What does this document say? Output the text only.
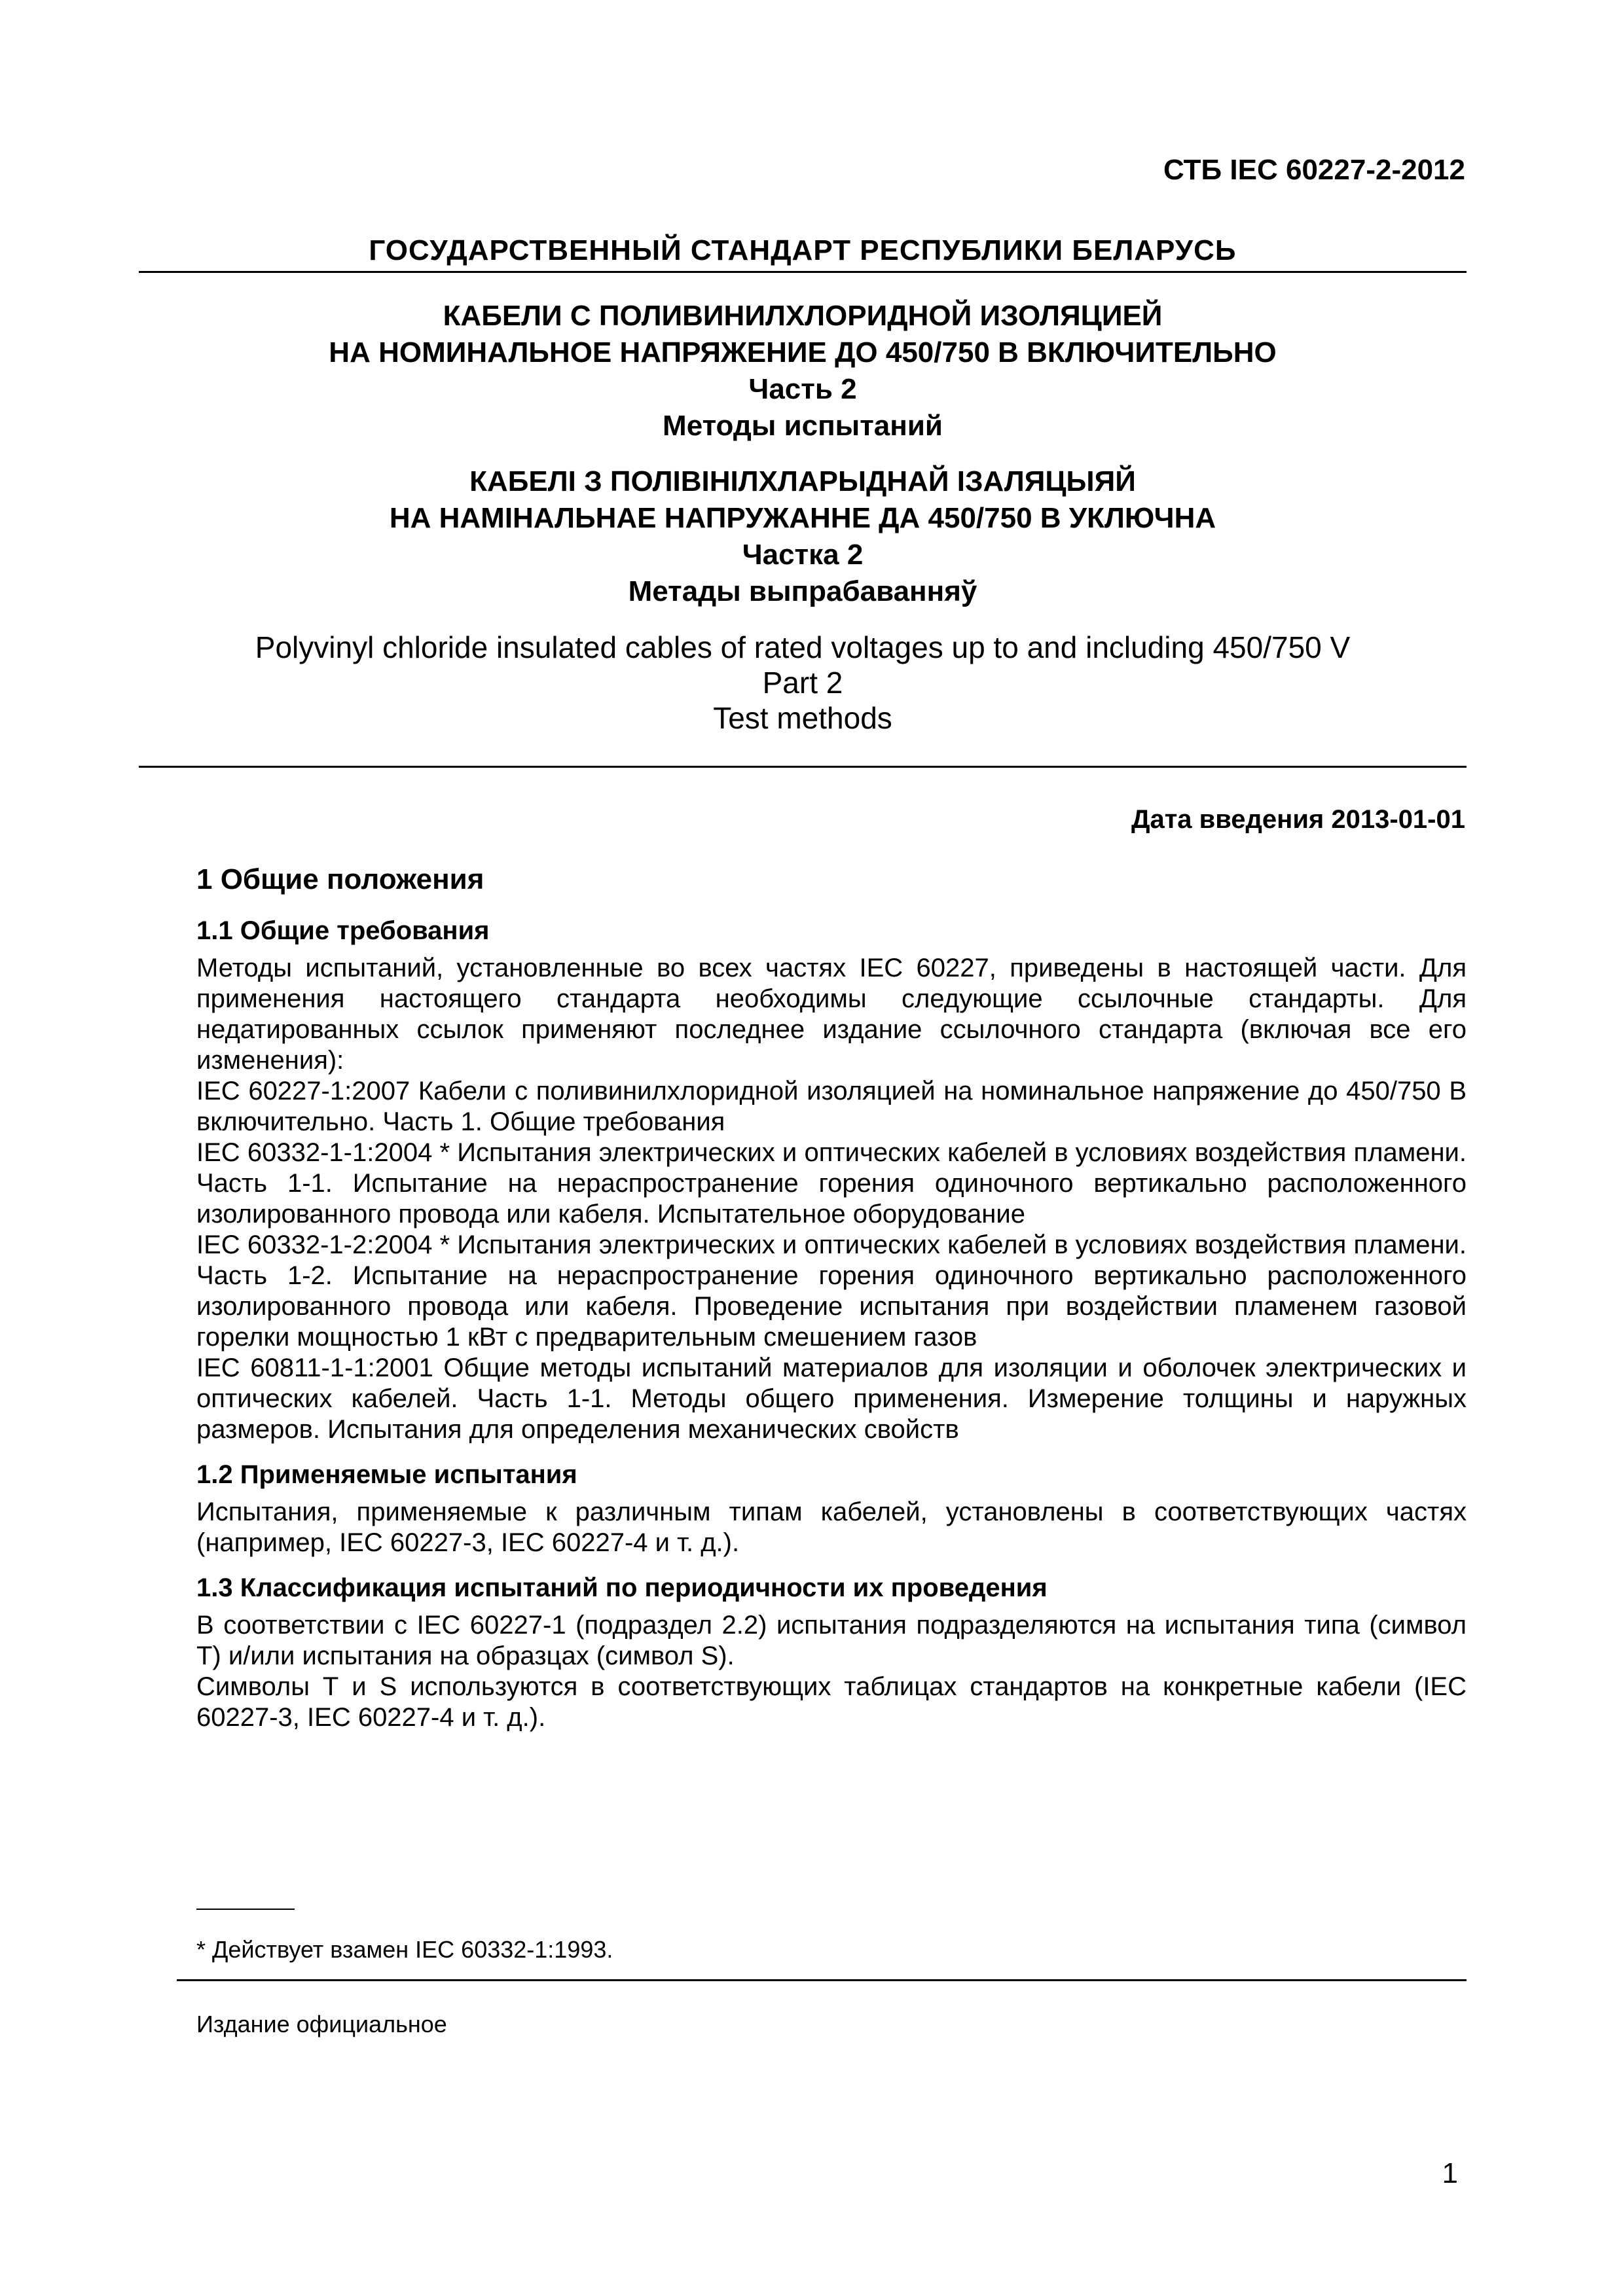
СТБ IEC 60227-2-2012
ГОСУДАРСТВЕННЫЙ СТАНДАРТ РЕСПУБЛИКИ БЕЛАРУСЬ
КАБЕЛИ С ПОЛИВИНИЛХЛОРИДНОЙ ИЗОЛЯЦИЕЙ
НА НОМИНАЛЬНОЕ НАПРЯЖЕНИЕ ДО 450/750 В ВКЛЮЧИТЕЛЬНО
Часть 2
Методы испытаний
КАБЕЛІ З ПОЛІВІНІЛХЛАРЫДНАЙ ІЗАЛЯЦЫЯЙ
НА НАМІНАЛЬНАЕ НАПРУЖАННЕ ДА 450/750 В УКЛЮЧНА
Частка 2
Метады выпрабаванняў
Polyvinyl chloride insulated cables of rated voltages up to and including 450/750 V
Part 2
Test methods
Дата введения 2013-01-01
1 Общие положения
1.1 Общие требования

Методы испытаний, установленные во всех частях IEC 60227, приведены в настоящей части. Для применения настоящего стандарта необходимы следующие ссылочные стандарты. Для недатированных ссылок применяют последнее издание ссылочного стандарта (включая все его изменения):

IEC 60227-1:2007 Кабели с поливинилхлоридной изоляцией на номинальное напряжение до 450/750 В включительно. Часть 1. Общие требования

IEC 60332-1-1:2004 * Испытания электрических и оптических кабелей в условиях воздействия пламени. Часть 1-1. Испытание на нераспространение горения одиночного вертикально расположенного изолированного провода или кабеля. Испытательное оборудование

IEC 60332-1-2:2004 * Испытания электрических и оптических кабелей в условиях воздействия пламени. Часть 1-2. Испытание на нераспространение горения одиночного вертикально расположенного изолированного провода или кабеля. Проведение испытания при воздействии пламенем газовой горелки мощностью 1 кВт с предварительным смешением газов

IEC 60811-1-1:2001 Общие методы испытаний материалов для изоляции и оболочек электрических и оптических кабелей. Часть 1-1. Методы общего применения. Измерение толщины и наружных размеров. Испытания для определения механических свойств

1.2 Применяемые испытания

Испытания, применяемые к различным типам кабелей, установлены в соответствующих частях (например, IEC 60227-3, IEC 60227-4 и т. д.).

1.3 Классификация испытаний по периодичности их проведения

В соответствии с IEC 60227-1 (подраздел 2.2) испытания подразделяются на испытания типа (символ Т) и/или испытания на образцах (символ S).

Символы Т и S используются в соответствующих таблицах стандартов на конкретные кабели (IEC 60227-3, IEC 60227-4 и т. д.).

* Действует взамен IEC 60332-1:1993.
Издание официальное
1
